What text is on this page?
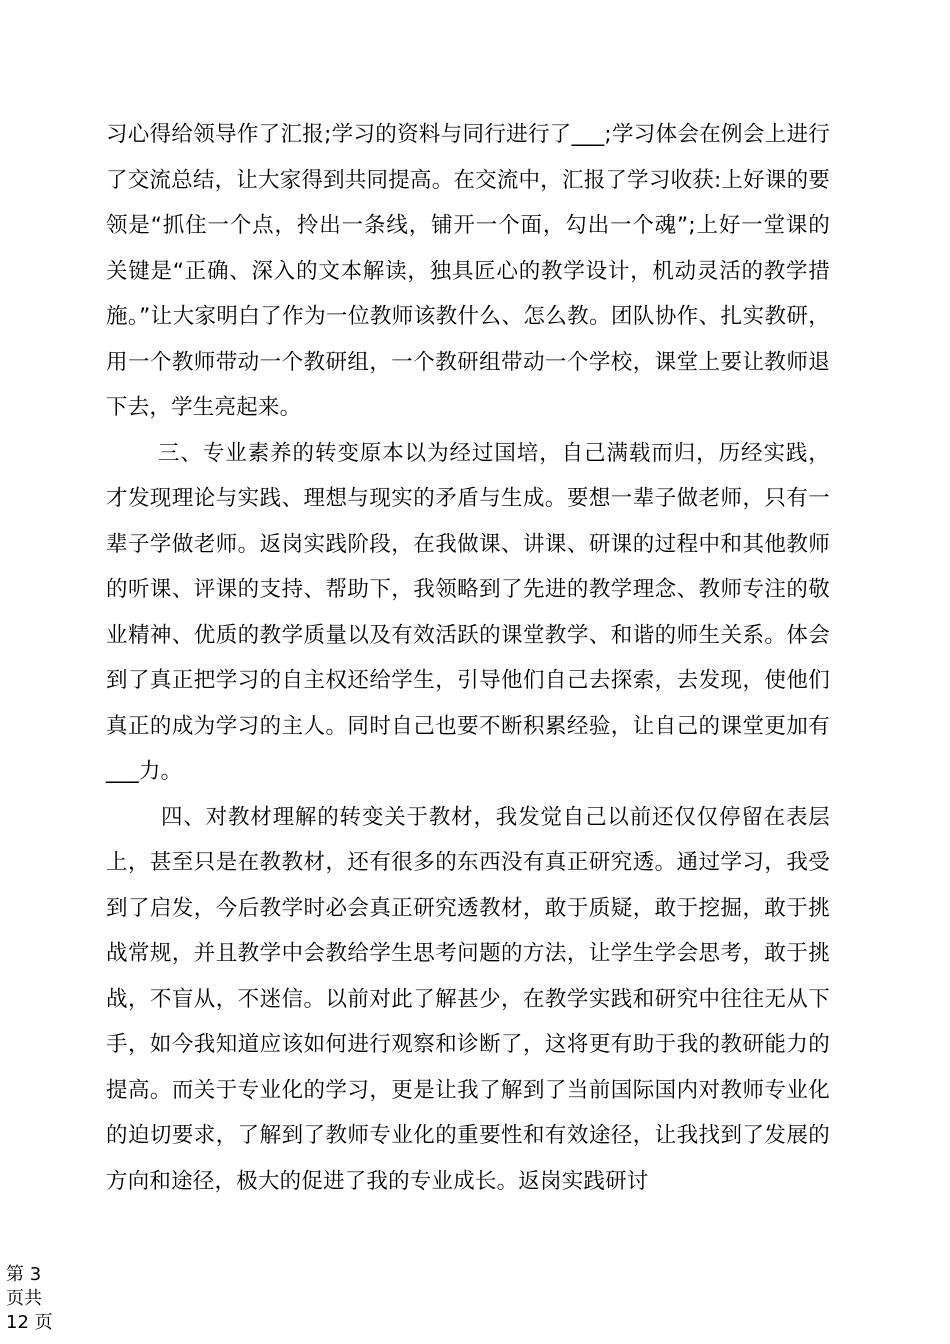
习心得给领导作了汇报;学习的资料与同行进行了___;学习体会在例会上进行了交流总结，让大家得到共同提高。在交流中，汇报了学习收获:上好课的要领是“抓住一个点，拎出一条线，铺开一个面，勾出一个魂”;上好一堂课的关键是“正确、深入的文本解读，独具匠心的教学设计，机动灵活的教学措施。”让大家明白了作为一位教师该教什么、怎么教。团队协作、扎实教研，用一个教师带动一个教研组，一个教研组带动一个学校，课堂上要让教师退下去，学生亮起来。

三、专业素养的转变原本以为经过国培，自己满载而归，历经实践，才发现理论与实践、理想与现实的矛盾与生成。要想一辈子做老师，只有一辈子学做老师。返岗实践阶段，在我做课、讲课、研课的过程中和其他教师的听课、评课的支持、帮助下，我领略到了先进的教学理念、教师专注的敬业精神、优质的教学质量以及有效活跃的课堂教学、和谐的师生关系。体会到了真正把学习的自主权还给学生，引导他们自己去探索，去发现，使他们真正的成为学习的主人。同时自己也要不断积累经验，让自己的课堂更加有___力。

四、对教材理解的转变关于教材，我发觉自己以前还仅仅停留在表层上，甚至只是在教教材，还有很多的东西没有真正研究透。通过学习，我受到了启发，今后教学时必会真正研究透教材，敢于质疑，敢于挖掘，敢于挑战常规，并且教学中会教给学生思考问题的方法，让学生学会思考，敢于挑战，不盲从，不迷信。以前对此了解甚少，在教学实践和研究中往往无从下手，如今我知道应该如何进行观察和诊断了，这将更有助于我的教研能力的提高。而关于专业化的学习，更是让我了解到了当前国际国内对教师专业化的迫切要求，了解到了教师专业化的重要性和有效途径，让我找到了发展的方向和途径，极大的促进了我的专业成长。返岗实践研讨

第 3
页共
12 页
